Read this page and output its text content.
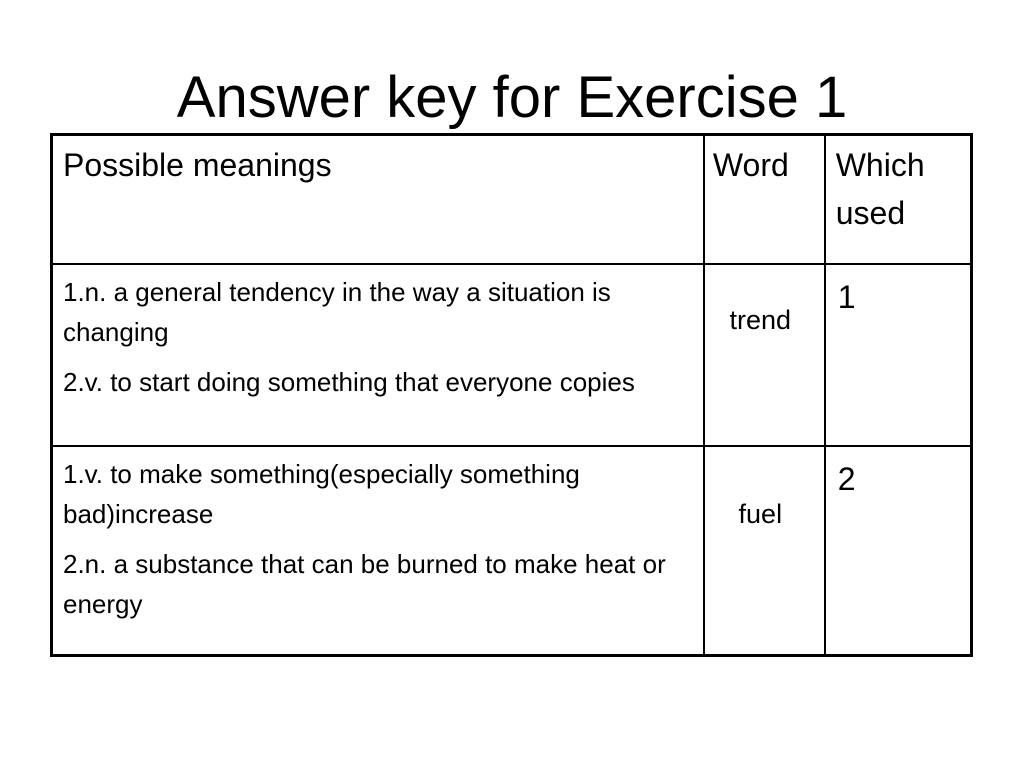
Answer key for Exercise 1
Possible meanings	Word	Which
used

1.n. a general tendency in the way a situation is changing

2.v. to start doing something that everyone copies	trend	1

1.v. to make something(especially something bad)increase

2.n. a substance that can be burned to make heat or energy	fuel	2
